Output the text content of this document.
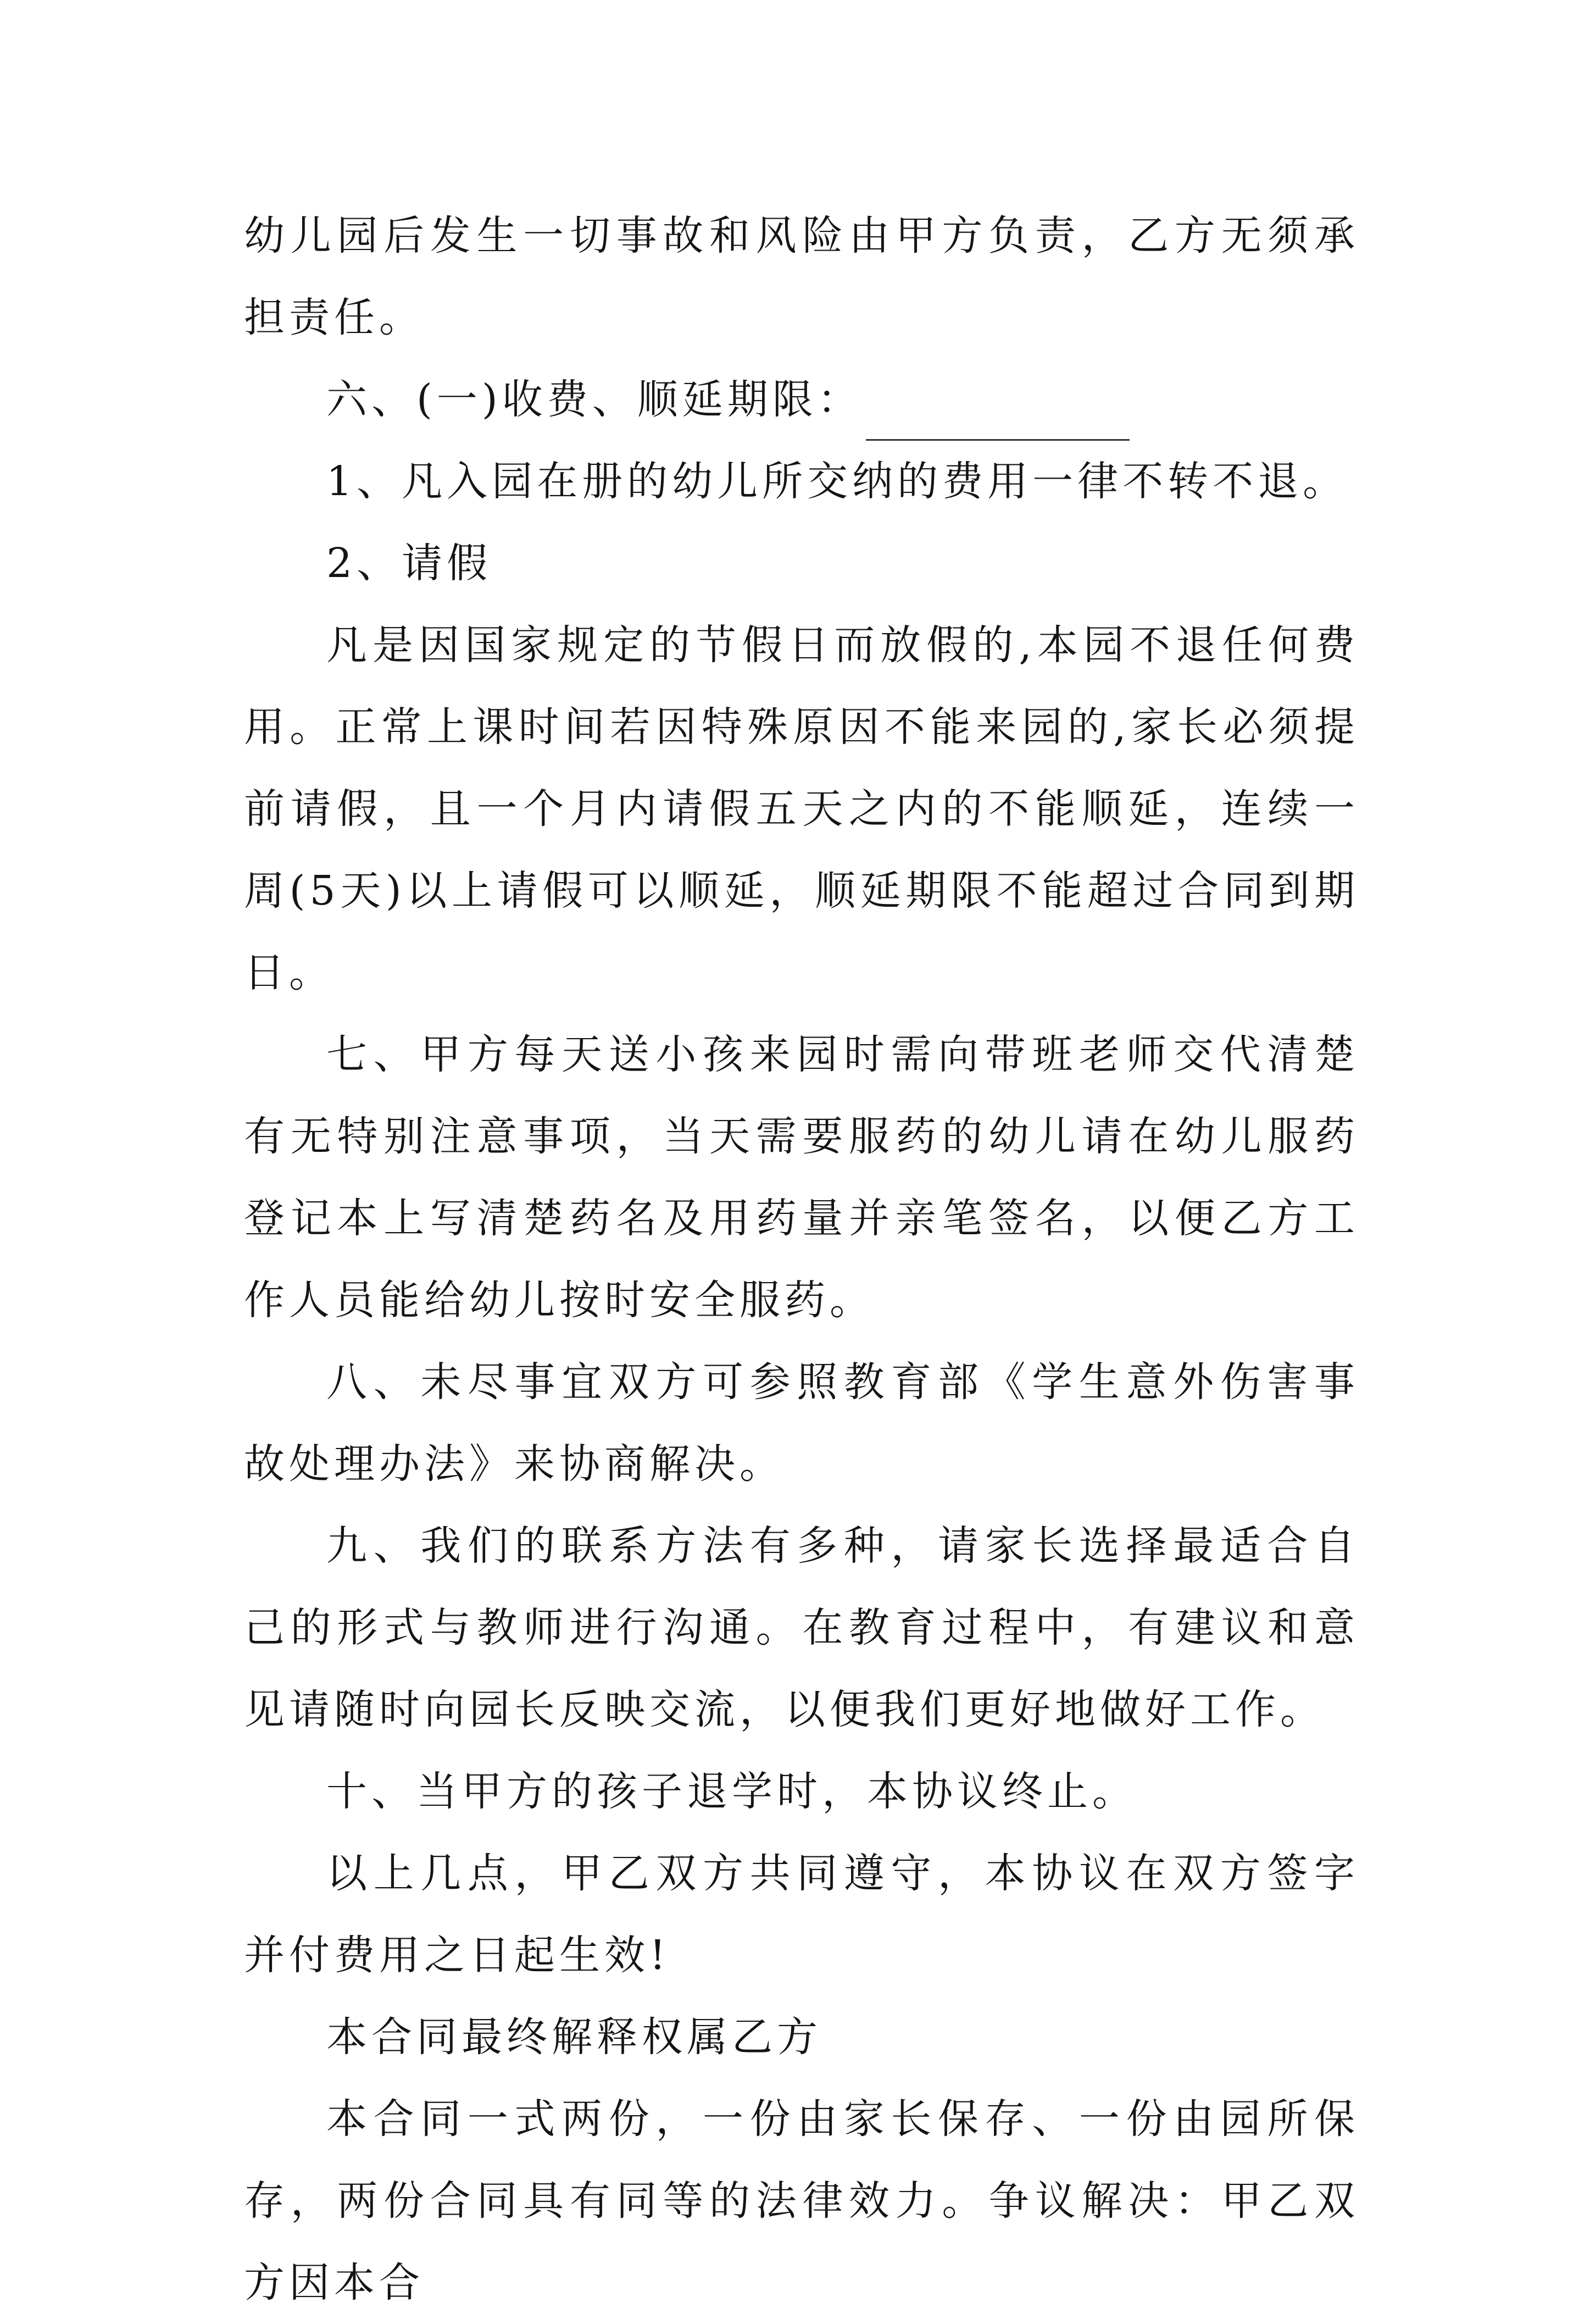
幼儿园后发生一切事故和风险由甲方负责，乙方无须承担责任。

六、(一)收费、顺延期限：

1、凡入园在册的幼儿所交纳的费用一律不转不退。

2、请假

凡是因国家规定的节假日而放假的,本园不退任何费用。正常上课时间若因特殊原因不能来园的,家长必须提前请假，且一个月内请假五天之内的不能顺延，连续一周(5天)以上请假可以顺延，顺延期限不能超过合同到期日。

七、甲方每天送小孩来园时需向带班老师交代清楚有无特别注意事项，当天需要服药的幼儿请在幼儿服药登记本上写清楚药名及用药量并亲笔签名，以便乙方工作人员能给幼儿按时安全服药。

八、未尽事宜双方可参照教育部《学生意外伤害事故处理办法》来协商解决。

九、我们的联系方法有多种，请家长选择最适合自己的形式与教师进行沟通。在教育过程中，有建议和意见请随时向园长反映交流，以便我们更好地做好工作。

十、当甲方的孩子退学时，本协议终止。

以上几点，甲乙双方共同遵守，本协议在双方签字并付费用之日起生效!

本合同最终解释权属乙方

本合同一式两份，一份由家长保存、一份由园所保存，两份合同具有同等的法律效力。争议解决：甲乙双方因本合
